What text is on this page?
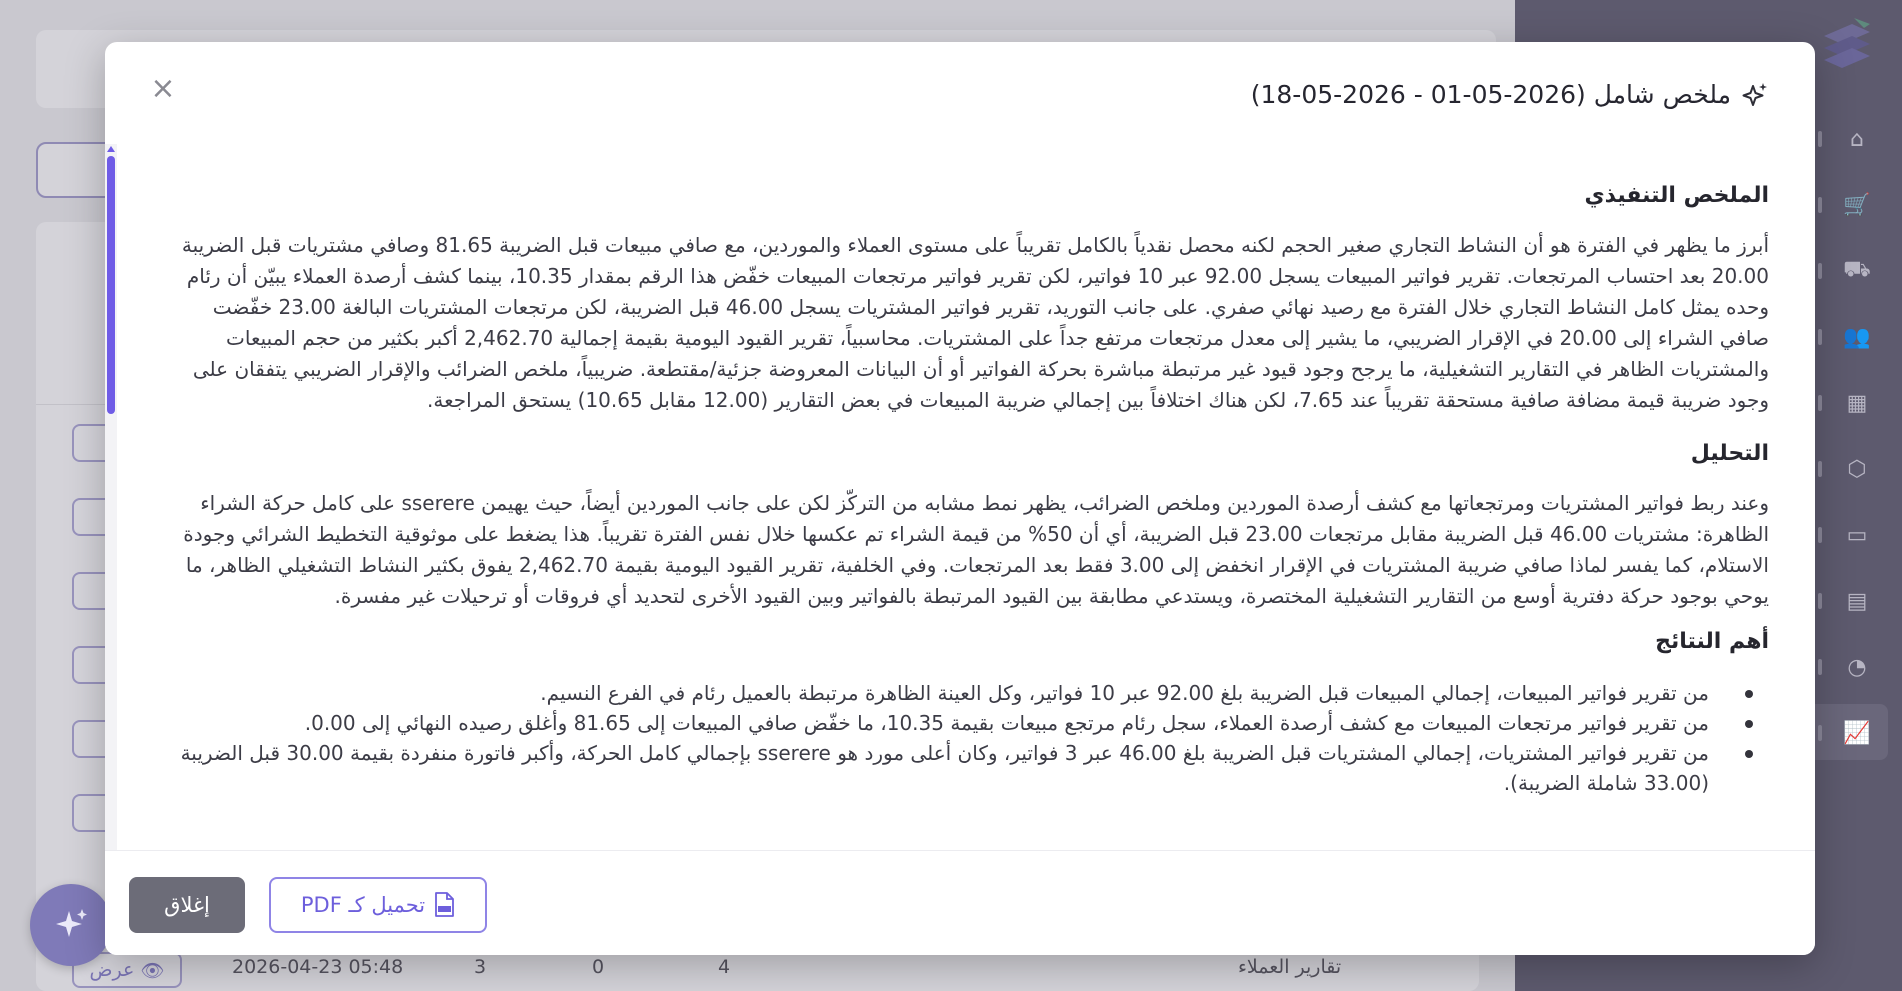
⌂
🛒
⛟
👥
▦
⬡
▭
▤
◔
📈
عرض 👁	2026-04-23 05:48	3	0	4	تقارير العملاء
ملخص شامل (2026-05-01 - 2026-05-18)
×
الملخص التنفيذي

أبرز ما يظهر في الفترة هو أن النشاط التجاري صغير الحجم لكنه محصل نقدياً بالكامل تقريباً على مستوى العملاء والموردين، مع صافي مبيعات قبل الضريبة 81.65 وصافي مشتريات قبل الضريبة 20.00 بعد احتساب المرتجعات. تقرير فواتير المبيعات يسجل 92.00 عبر 10 فواتير، لكن تقرير فواتير مرتجعات المبيعات خفّض هذا الرقم بمقدار 10.35، بينما كشف أرصدة العملاء يبيّن أن رئام وحده يمثل كامل النشاط التجاري خلال الفترة مع رصيد نهائي صفري. على جانب التوريد، تقرير فواتير المشتريات يسجل 46.00 قبل الضريبة، لكن مرتجعات المشتريات البالغة 23.00 خفّضت صافي الشراء إلى 20.00 في الإقرار الضريبي، ما يشير إلى معدل مرتجعات مرتفع جداً على المشتريات. محاسبياً، تقرير القيود اليومية بقيمة إجمالية 2,462.70 أكبر بكثير من حجم المبيعات والمشتريات الظاهر في التقارير التشغيلية، ما يرجح وجود قيود غير مرتبطة مباشرة بحركة الفواتير أو أن البيانات المعروضة جزئية/مقتطعة. ضريبياً، ملخص الضرائب والإقرار الضريبي يتفقان على وجود ضريبة قيمة مضافة صافية مستحقة تقريباً عند 7.65، لكن هناك اختلافاً بين إجمالي ضريبة المبيعات في بعض التقارير (12.00 مقابل 10.65) يستحق المراجعة.

التحليل

وعند ربط فواتير المشتريات ومرتجعاتها مع كشف أرصدة الموردين وملخص الضرائب، يظهر نمط مشابه من التركّز لكن على جانب الموردين أيضاً، حيث يهيمن sserere على كامل حركة الشراء الظاهرة: مشتريات 46.00 قبل الضريبة مقابل مرتجعات 23.00 قبل الضريبة، أي أن 50% من قيمة الشراء تم عكسها خلال نفس الفترة تقريباً. هذا يضغط على موثوقية التخطيط الشرائي وجودة الاستلام، كما يفسر لماذا صافي ضريبة المشتريات في الإقرار انخفض إلى 3.00 فقط بعد المرتجعات. وفي الخلفية، تقرير القيود اليومية بقيمة 2,462.70 يفوق بكثير النشاط التشغيلي الظاهر، ما يوحي بوجود حركة دفترية أوسع من التقارير التشغيلية المختصرة، ويستدعي مطابقة بين القيود المرتبطة بالفواتير وبين القيود الأخرى لتحديد أي فروقات أو ترحيلات غير مفسرة.

أهم النتائج
من تقرير فواتير المبيعات، إجمالي المبيعات قبل الضريبة بلغ 92.00 عبر 10 فواتير، وكل العينة الظاهرة مرتبطة بالعميل رئام في الفرع النسيم.
من تقرير فواتير مرتجعات المبيعات مع كشف أرصدة العملاء، سجل رئام مرتجع مبيعات بقيمة 10.35، ما خفّض صافي المبيعات إلى 81.65 وأغلق رصيده النهائي إلى 0.00.
من تقرير فواتير المشتريات، إجمالي المشتريات قبل الضريبة بلغ 46.00 عبر 3 فواتير، وكان أعلى مورد هو sserere بإجمالي كامل الحركة، وأكبر فاتورة منفردة بقيمة 30.00 قبل الضريبة (33.00 شاملة الضريبة).
إغلاق	تحميل كـ PDF
